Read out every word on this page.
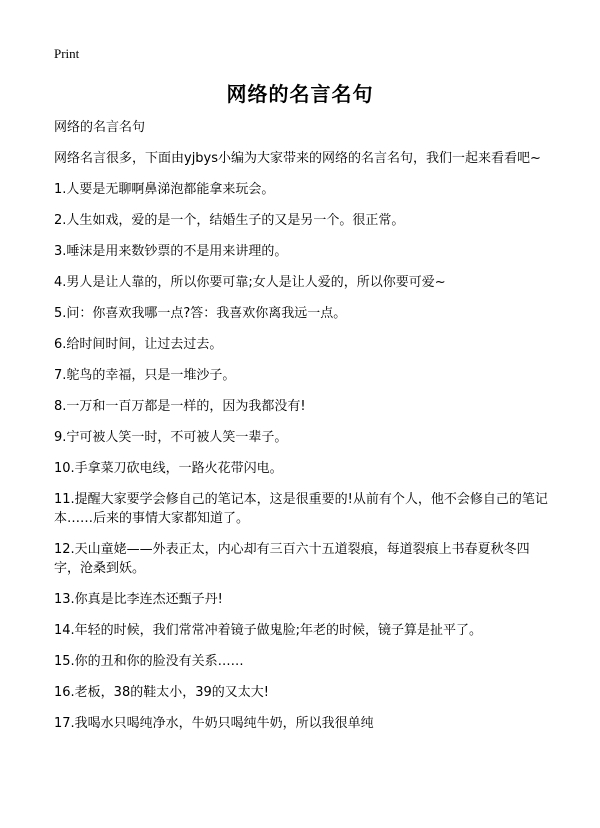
Print
网络的名言名句

网络的名言名句

网络名言很多，下面由yjbys小编为大家带来的网络的名言名句，我们一起来看看吧~

1.人要是无聊啊鼻涕泡都能拿来玩会。

2.人生如戏，爱的是一个，结婚生子的又是另一个。很正常。

3.唾沫是用来数钞票的不是用来讲理的。

4.男人是让人靠的，所以你要可靠;女人是让人爱的，所以你要可爱~

5.问：你喜欢我哪一点?答：我喜欢你离我远一点。

6.给时间时间，让过去过去。

7.鸵鸟的幸福，只是一堆沙子。

8.一万和一百万都是一样的，因为我都没有!

9.宁可被人笑一时，不可被人笑一辈子。

10.手拿菜刀砍电线，一路火花带闪电。

11.提醒大家要学会修自己的笔记本，这是很重要的!从前有个人，他不会修自己的笔记本……后来的事情大家都知道了。

12.天山童姥——外表正太，内心却有三百六十五道裂痕，每道裂痕上书春夏秋冬四字，沧桑到妖。

13.你真是比李连杰还甄子丹!

14.年轻的时候，我们常常冲着镜子做鬼脸;年老的时候，镜子算是扯平了。

15.你的丑和你的脸没有关系……

16.老板，38的鞋太小，39的又太大!

17.我喝水只喝纯净水，牛奶只喝纯牛奶，所以我很单纯
